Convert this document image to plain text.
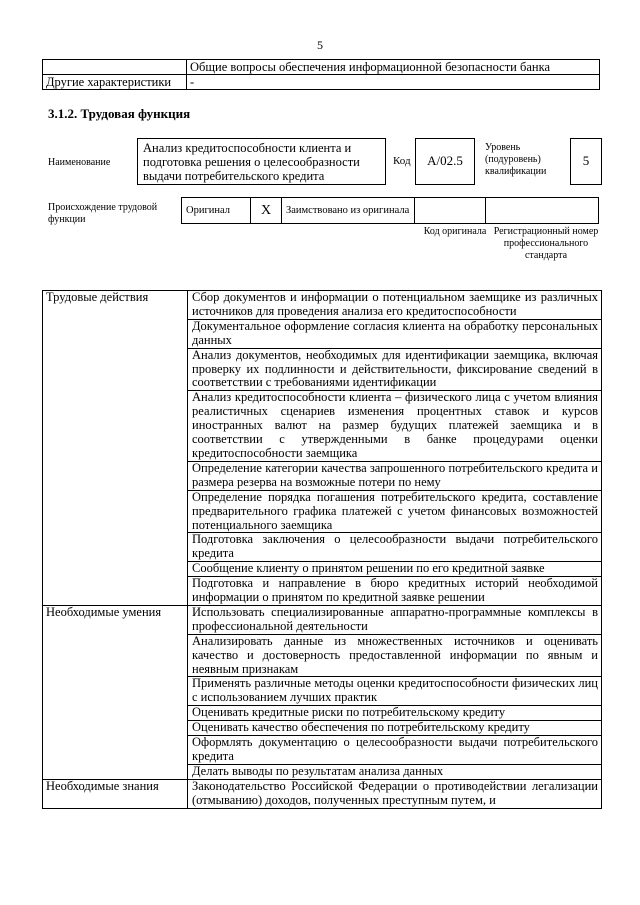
5
	Общие вопросы обеспечения информационной безопасности банка
Другие характеристики	-
3.1.2. Трудовая функция
Наименование
Анализ кредитоспособности клиента и подготовка решения о целесообразности выдачи потребительского кредита
Код	A/02.5
Уровень (подуровень) квалификации
5
Происхождение трудовой функции
Оригинал	X	Заимствовано из оригинала		
Код оригинала Регистрационный номер профессионального стандарта
Трудовые действия	Сбор документов и информации о потенциальном заемщике из различных источников для проведения анализа его кредитоспособности
	Документальное оформление согласия клиента на обработку персональных данных
	Анализ документов, необходимых для идентификации заемщика, включая проверку их подлинности и действительности, фиксирование сведений в соответствии с требованиями идентификации
	Анализ кредитоспособности клиента – физического лица с учетом влияния реалистичных сценариев изменения процентных ставок и курсов иностранных валют на размер будущих платежей заемщика и в соответствии с утвержденными в банке процедурами оценки кредитоспособности заемщика
	Определение категории качества запрошенного потребительского кредита и размера резерва на возможные потери по нему
	Определение порядка погашения потребительского кредита, составление предварительного графика платежей с учетом финансовых возможностей потенциального заемщика
	Подготовка заключения о целесообразности выдачи потребительского кредита
	Сообщение клиенту о принятом решении по его кредитной заявке
	Подготовка и направление в бюро кредитных историй необходимой информации о принятом по кредитной заявке решении
Необходимые умения	Использовать специализированные аппаратно-программные комплексы в профессиональной деятельности
	Анализировать данные из множественных источников и оценивать качество и достоверность предоставленной информации по явным и неявным признакам
	Применять различные методы оценки кредитоспособности физических лиц с использованием лучших практик
	Оценивать кредитные риски по потребительскому кредиту
	Оценивать качество обеспечения по потребительскому кредиту
	Оформлять документацию о целесообразности выдачи потребительского кредита
	Делать выводы по результатам анализа данных
Необходимые знания	Законодательство Российской Федерации о противодействии легализации (отмыванию) доходов, полученных преступным путем, и
